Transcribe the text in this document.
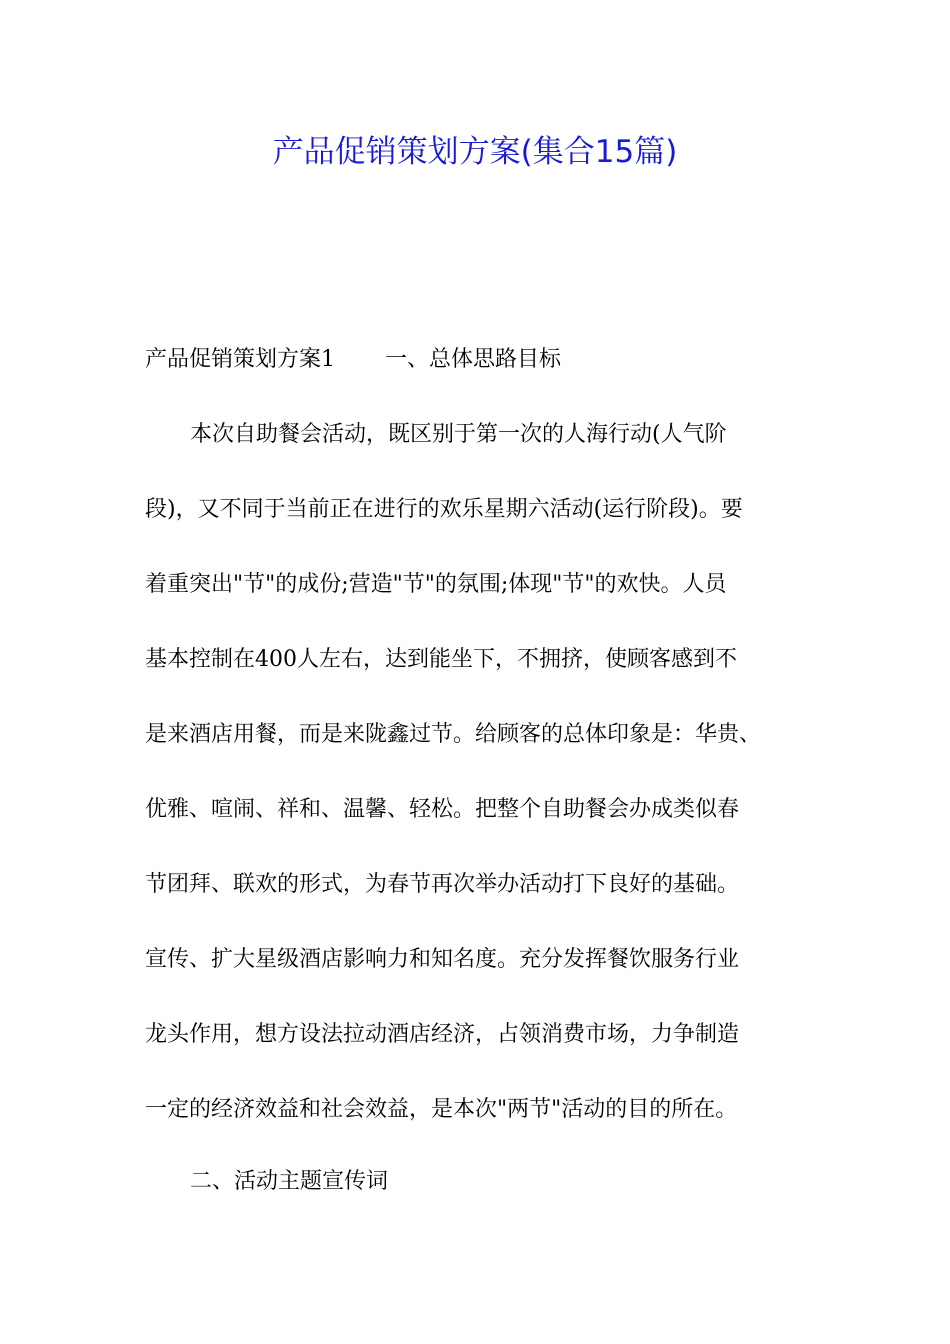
产品促销策划方案(集合15篇)

产品促销策划方案1 一、总体思路目标

本次自助餐会活动，既区别于第一次的人海行动(人气阶

段)，又不同于当前正在进行的欢乐星期六活动(运行阶段)。要

着重突出"节"的成份;营造"节"的氛围;体现"节"的欢快。人员

基本控制在400人左右，达到能坐下，不拥挤，使顾客感到不

是来酒店用餐，而是来陇鑫过节。给顾客的总体印象是：华贵、

优雅、喧闹、祥和、温馨、轻松。把整个自助餐会办成类似春

节团拜、联欢的形式，为春节再次举办活动打下良好的基础。

宣传、扩大星级酒店影响力和知名度。充分发挥餐饮服务行业

龙头作用，想方设法拉动酒店经济，占领消费市场，力争制造

一定的经济效益和社会效益，是本次"两节"活动的目的所在。

二、活动主题宣传词
